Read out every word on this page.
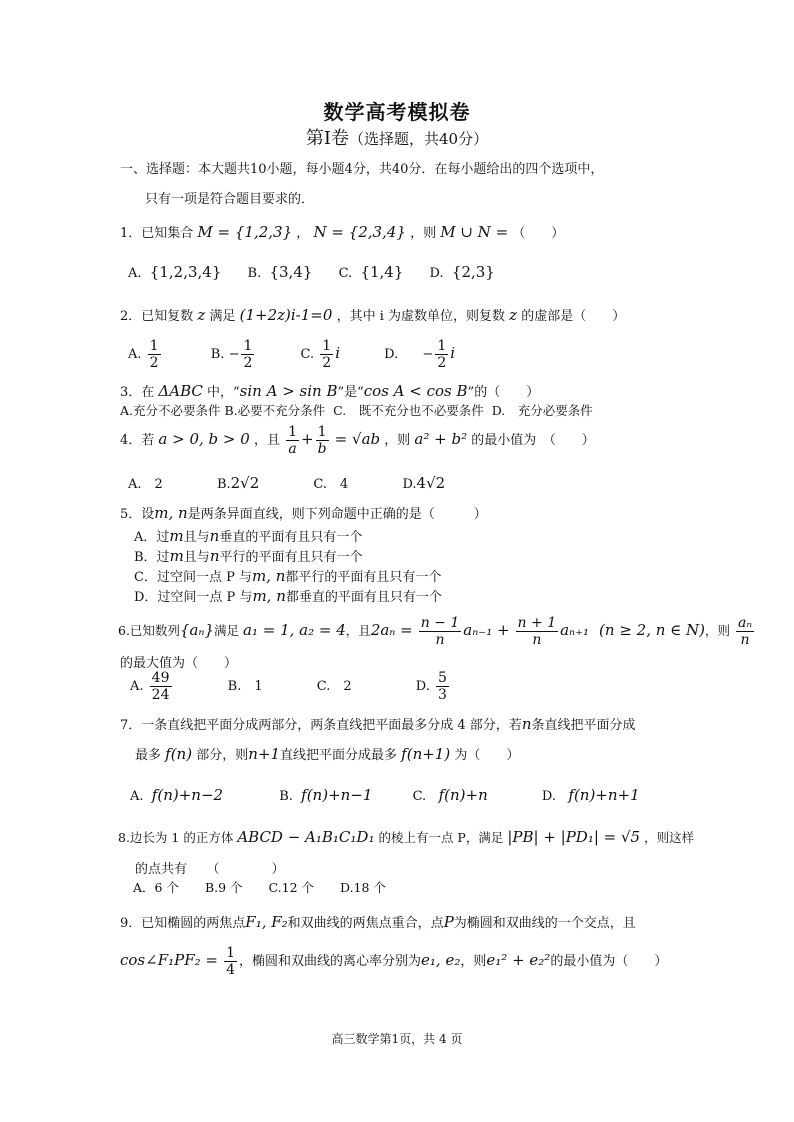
数学高考模拟卷
第Ⅰ卷（选择题，共40分）
一、选择题：本大题共10小题，每小题4分，共40分．在每小题给出的四个选项中，
只有一项是符合题目要求的．
1．已知集合 M = {1,2,3} ， N = {2,3,4} ，则 M ∪ N = （　　）
A. {1,2,3,4} B. {3,4} C. {1,4} D. {2,3}
2．已知复数 z 满足 (1+2z)i-1=0 ，其中 i 为虚数单位，则复数 z 的虚部是（　　）
A. $\frac{1}{2}$	B. − $\frac{1}{2}$	C. $\frac{1}{2}$ i	D. − $\frac{1}{2}$ i
3．在 ΔABC 中，“sin A > sin B”是“cos A < cos B”的（　　）
A.充分不必要条件 B.必要不充分条件 C.　既不充分也不必要条件 D.　充分必要条件
4．若 a > 0, b > 0 ，且 $\frac{1}{a} + \frac{1}{b} = √ab$ ，则 a² + b² 的最小值为　（　　）
A.　2	B.2√2	C.　4	D.4√2
5．设m, n是两条异面直线，则下列命题中正确的是（　　　）
A．过m且与n垂直的平面有且只有一个
B．过m且与n平行的平面有且只有一个
C．过空间一点 P 与m, n都平行的平面有且只有一个
D．过空间一点 P 与m, n都垂直的平面有且只有一个
6.已知数列{aₙ}满足 a₁ = 1, a₂ = 4，且$2a_n = \frac{n - 1}{n} a_{n-1} + \frac{n + 1}{n} a_{n+1}$ (n ≥ 2, n ∈ N)，则 $\frac{\text{aₙ}}{n}$
的最大值为（　　）
A. $\frac{49}{24}$	B.　1	C.　2	D. $\frac{5}{3}$
7．一条直线把平面分成两部分，两条直线把平面最多分成 4 部分，若n条直线把平面分成
最多 f(n) 部分，则n+1直线把平面分成最多 f(n+1) 为（　　）
A. f(n)+n−2	B. f(n)+n−1	C. f(n)+n	D. f(n)+n+1
8.边长为 1 的正方体 ABCD − A₁B₁C₁D₁ 的棱上有一点 P，满足 |PB| + |PD₁| = √5 ，则这样
的点共有　　（　　　　）
A．6 个 B.9 个 C.12 个 D.18 个
9．已知椭圆的两焦点F₁, F₂和双曲线的两焦点重合，点P为椭圆和双曲线的一个交点，且
cos∠F₁PF₂ = $\frac{1}{4}$ ，椭圆和双曲线的离心率分别为e₁, e₂，则e₁² + e₂²的最小值为（　　）
高三数学第1页，共 4 页
